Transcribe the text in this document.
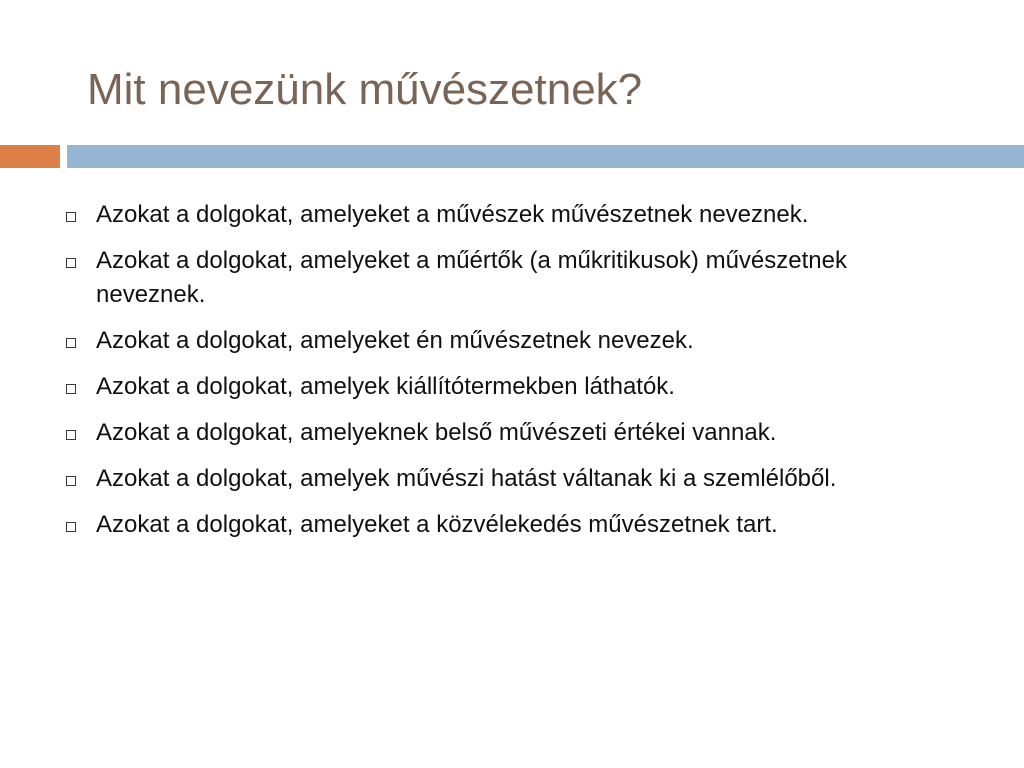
Mit nevezünk művészetnek?
Azokat a dolgokat, amelyeket a művészek művészetnek neveznek.
Azokat a dolgokat, amelyeket a műértők (a műkritikusok) művészetnek neveznek.
Azokat a dolgokat, amelyeket én művészetnek nevezek.
Azokat a dolgokat, amelyek kiállítótermekben láthatók.
Azokat a dolgokat, amelyeknek belső művészeti értékei vannak.
Azokat a dolgokat, amelyek művészi hatást váltanak ki a szemlélőből.
Azokat a dolgokat, amelyeket a közvélekedés művészetnek tart.
